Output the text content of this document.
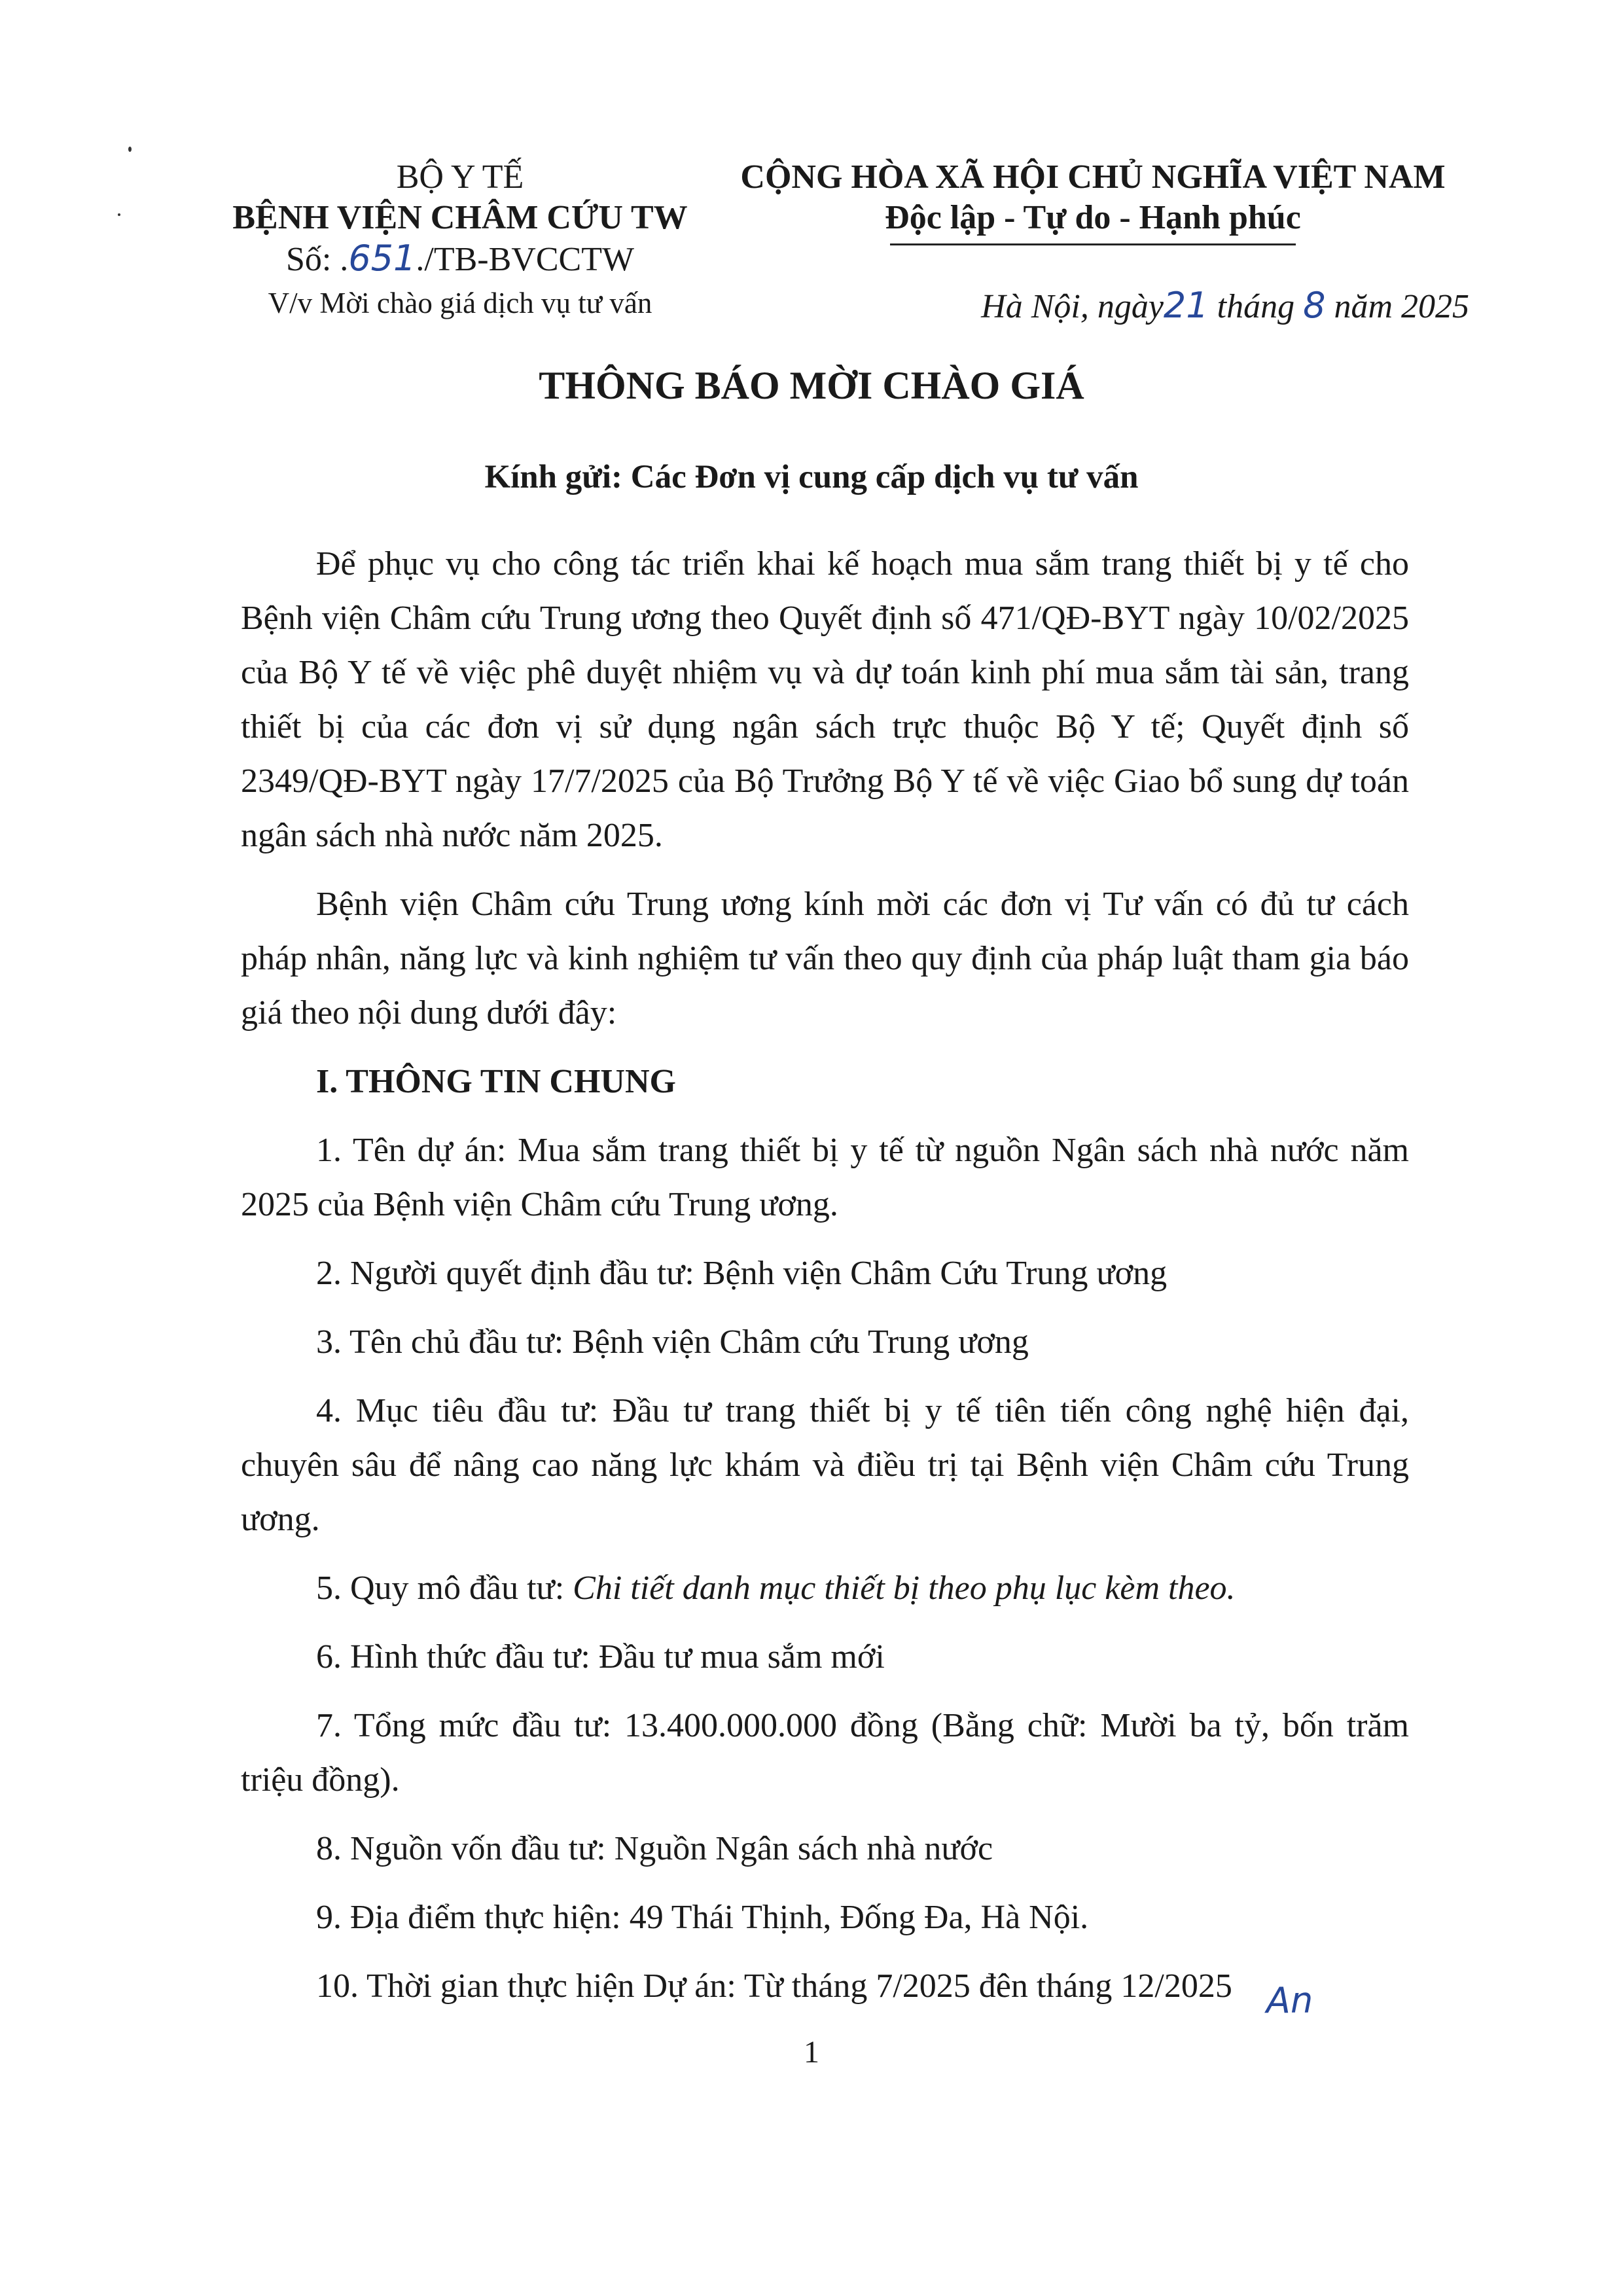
BỘ Y TẾ
BỆNH VIỆN CHÂM CỨU TW
Số: .651./TB-BVCCTW
V/v Mời chào giá dịch vụ tư vấn
CỘNG HÒA XÃ HỘI CHỦ NGHĨA VIỆT NAM
Độc lập - Tự do - Hạnh phúc
Hà Nội, ngày21 tháng 8 năm 2025
THÔNG BÁO MỜI CHÀO GIÁ
Kính gửi: Các Đơn vị cung cấp dịch vụ tư vấn

Để phục vụ cho công tác triển khai kế hoạch mua sắm trang thiết bị y tế cho Bệnh viện Châm cứu Trung ương theo Quyết định số 471/QĐ-BYT ngày 10/02/2025 của Bộ Y tế về việc phê duyệt nhiệm vụ và dự toán kinh phí mua sắm tài sản, trang thiết bị của các đơn vị sử dụng ngân sách trực thuộc Bộ Y tế; Quyết định số 2349/QĐ-BYT ngày 17/7/2025 của Bộ Trưởng Bộ Y tế về việc Giao bổ sung dự toán ngân sách nhà nước năm 2025.

Bệnh viện Châm cứu Trung ương kính mời các đơn vị Tư vấn có đủ tư cách pháp nhân, năng lực và kinh nghiệm tư vấn theo quy định của pháp luật tham gia báo giá theo nội dung dưới đây:

I. THÔNG TIN CHUNG

1. Tên dự án: Mua sắm trang thiết bị y tế từ nguồn Ngân sách nhà nước năm 2025 của Bệnh viện Châm cứu Trung ương.

2. Người quyết định đầu tư: Bệnh viện Châm Cứu Trung ương

3. Tên chủ đầu tư: Bệnh viện Châm cứu Trung ương

4. Mục tiêu đầu tư: Đầu tư trang thiết bị y tế tiên tiến công nghệ hiện đại, chuyên sâu để nâng cao năng lực khám và điều trị tại Bệnh viện Châm cứu Trung ương.

5. Quy mô đầu tư: Chi tiết danh mục thiết bị theo phụ lục kèm theo.

6. Hình thức đầu tư: Đầu tư mua sắm mới

7. Tổng mức đầu tư: 13.400.000.000 đồng (Bằng chữ: Mười ba tỷ, bốn trăm triệu đồng).

8. Nguồn vốn đầu tư: Nguồn Ngân sách nhà nước

9. Địa điểm thực hiện: 49 Thái Thịnh, Đống Đa, Hà Nội.

10. Thời gian thực hiện Dự án: Từ tháng 7/2025 đên tháng 12/2025 An
1
